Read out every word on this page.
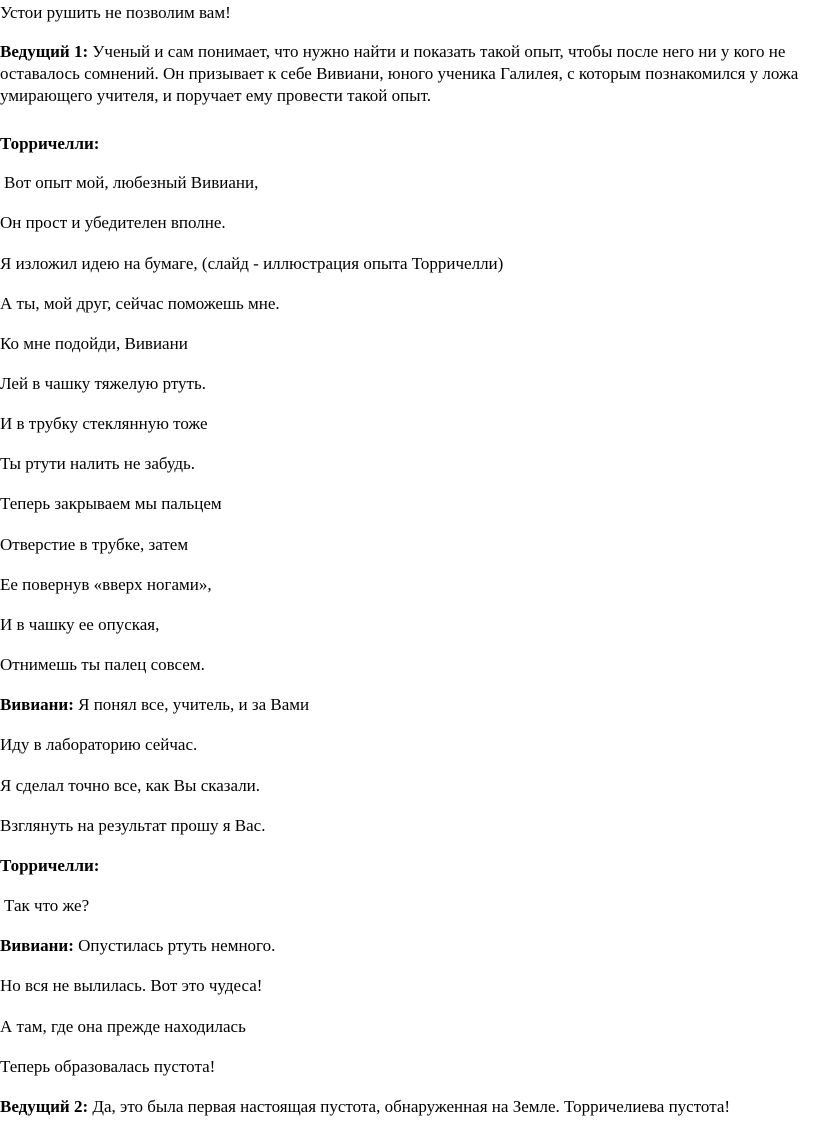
Устои рушить не позволим вам!
Ведущий 1: Ученый и сам понимает, что нужно найти и показать такой опыт, чтобы после него ни у кого не оставалось сомнений. Он призывает к себе Вивиани, юного ученика Галилея, с которым познакомился у ложа умирающего учителя, и поручает ему провести такой опыт.
Торричелли:
Вот опыт мой, любезный Вивиани,
Он прост и убедителен вполне.
Я изложил идею на бумаге, (слайд - иллюстрация опыта Торричелли)
А ты, мой друг, сейчас поможешь мне.
Ко мне подойди, Вивиани
Лей в чашку тяжелую ртуть.
И в трубку стеклянную тоже
Ты ртути налить не забудь.
Теперь закрываем мы пальцем
Отверстие в трубке, затем
Ее повернув «вверх ногами»,
И в чашку ее опуская,
Отнимешь ты палец совсем.
Вивиани: Я понял все, учитель, и за Вами
Иду в лабораторию сейчас.
Я сделал точно все, как Вы сказали.
Взглянуть на результат прошу я Вас.
Торричелли:
Так что же?
Вивиани: Опустилась ртуть немного.
Но вся не вылилась. Вот это чудеса!
А там, где она прежде находилась
Теперь образовалась пустота!
Ведущий 2: Да, это была первая настоящая пустота, обнаруженная на Земле. Торричелиева пустота!
